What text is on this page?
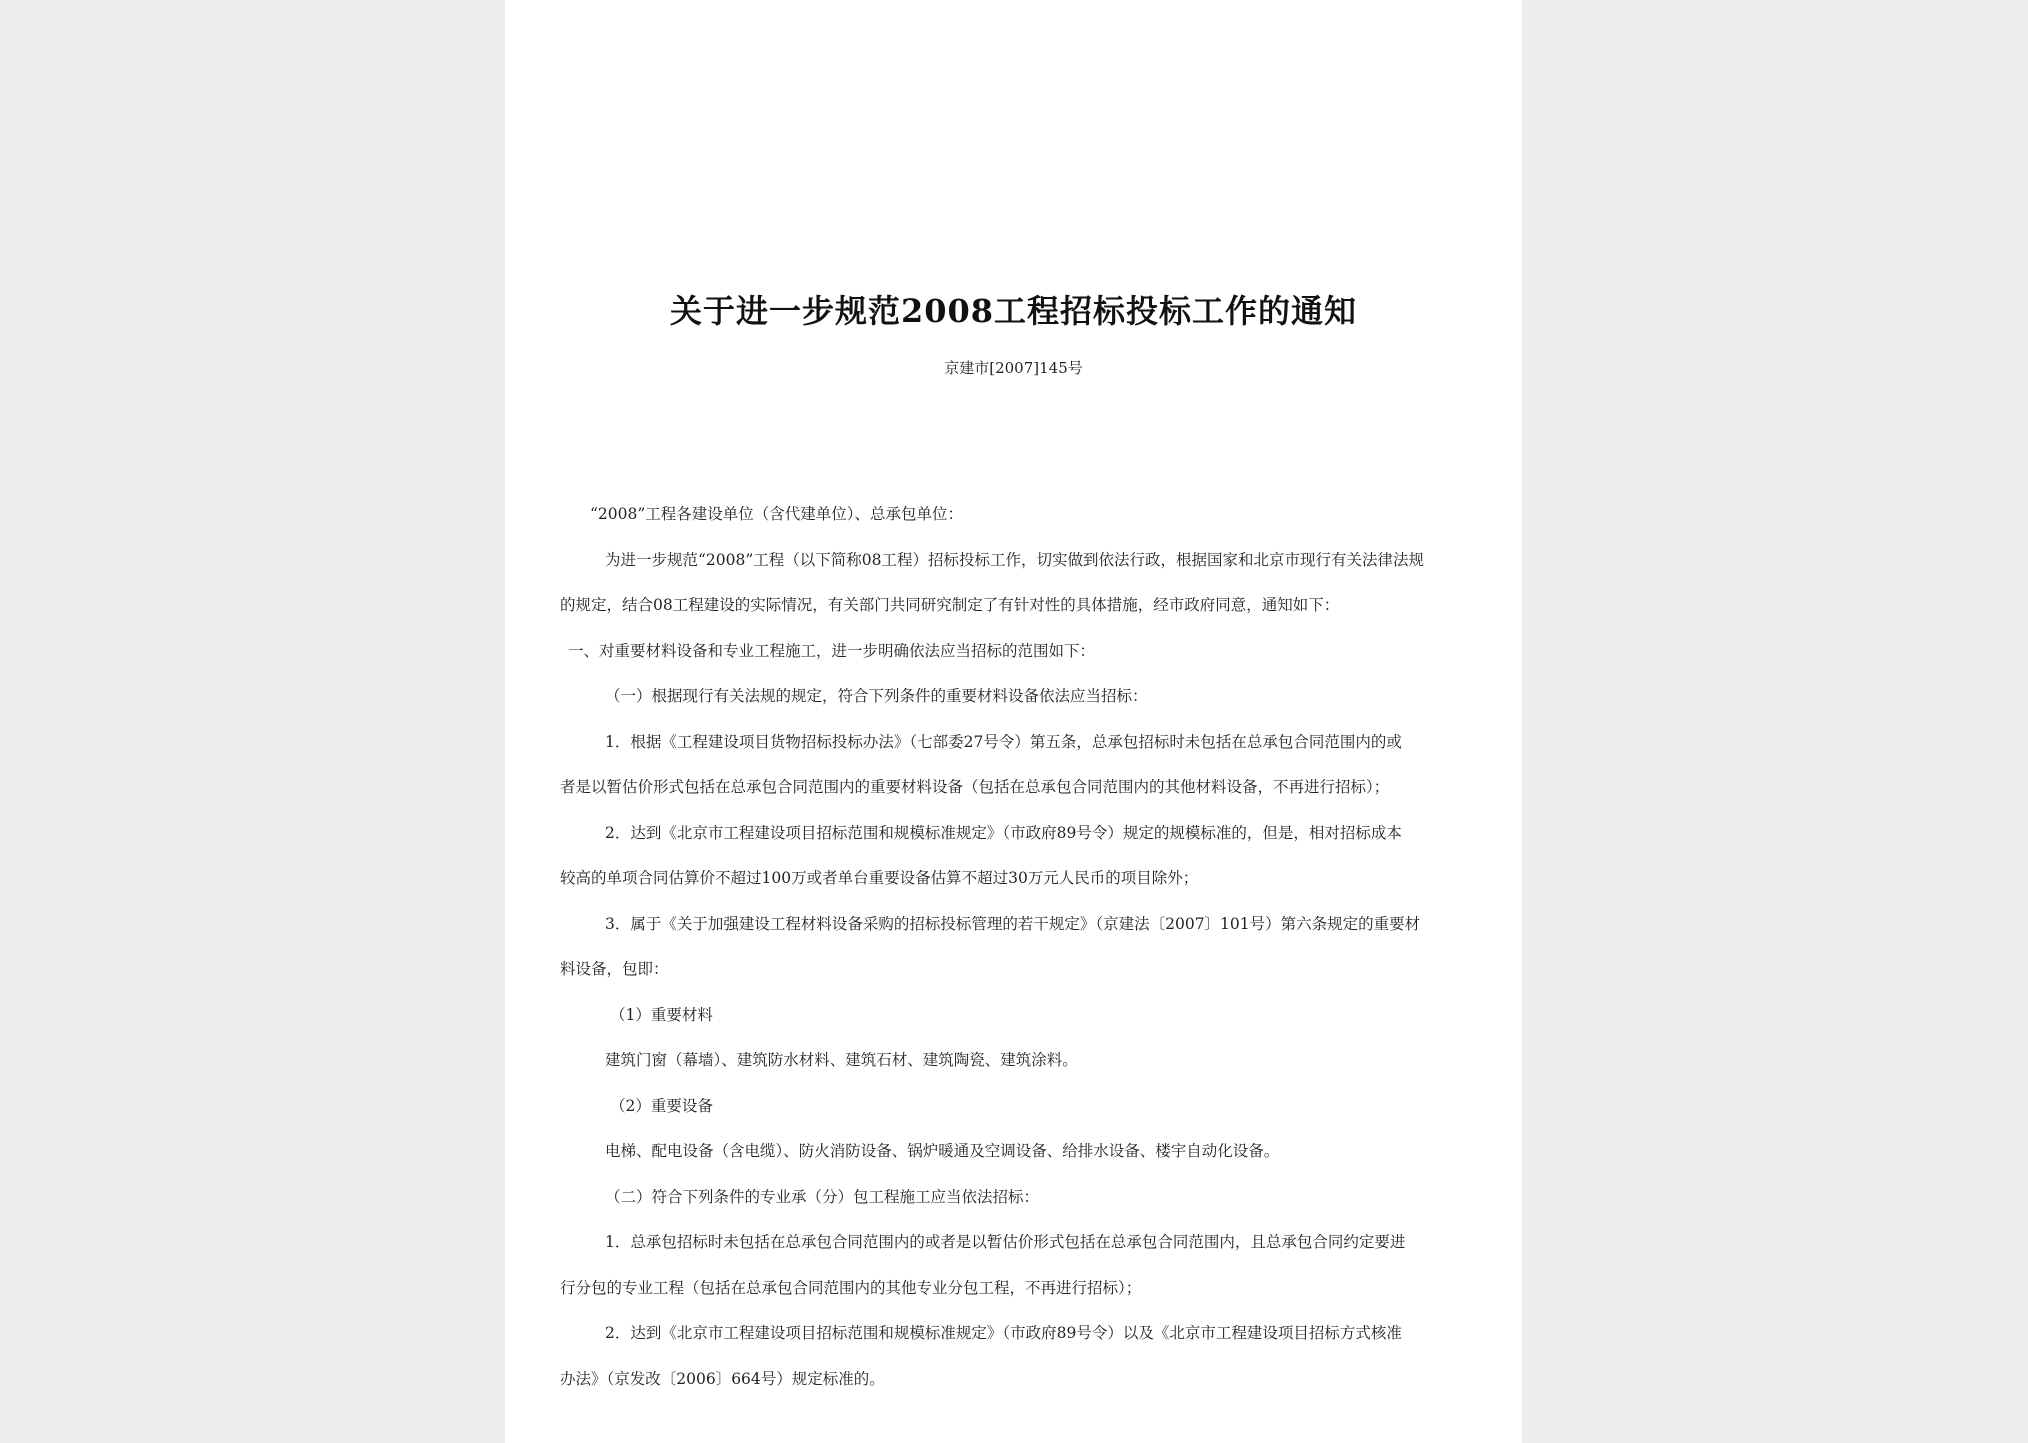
关于进一步规范2008工程招标投标工作的通知
京建市[2007]145号
“2008”工程各建设单位（含代建单位）、总承包单位：
为进一步规范“2008”工程（以下简称08工程）招标投标工作，切实做到依法行政，根据国家和北京市现行有关法律法规
的规定，结合08工程建设的实际情况，有关部门共同研究制定了有针对性的具体措施，经市政府同意，通知如下：
一、对重要材料设备和专业工程施工，进一步明确依法应当招标的范围如下：
（一）根据现行有关法规的规定，符合下列条件的重要材料设备依法应当招标：
1．根据《工程建设项目货物招标投标办法》（七部委27号令）第五条，总承包招标时未包括在总承包合同范围内的或
者是以暂估价形式包括在总承包合同范围内的重要材料设备（包括在总承包合同范围内的其他材料设备，不再进行招标）；
2．达到《北京市工程建设项目招标范围和规模标准规定》（市政府89号令）规定的规模标准的，但是，相对招标成本
较高的单项合同估算价不超过100万或者单台重要设备估算不超过30万元人民币的项目除外；
3．属于《关于加强建设工程材料设备采购的招标投标管理的若干规定》（京建法〔2007〕101号）第六条规定的重要材
料设备，包即：
（1）重要材料
建筑门窗（幕墙）、建筑防水材料、建筑石材、建筑陶瓷、建筑涂料。
（2）重要设备
电梯、配电设备（含电缆）、防火消防设备、锅炉暖通及空调设备、给排水设备、楼宇自动化设备。
（二）符合下列条件的专业承（分）包工程施工应当依法招标：
1．总承包招标时未包括在总承包合同范围内的或者是以暂估价形式包括在总承包合同范围内，且总承包合同约定要进
行分包的专业工程（包括在总承包合同范围内的其他专业分包工程，不再进行招标）；
2．达到《北京市工程建设项目招标范围和规模标准规定》（市政府89号令）以及《北京市工程建设项目招标方式核准
办法》（京发改〔2006〕664号）规定标准的。
